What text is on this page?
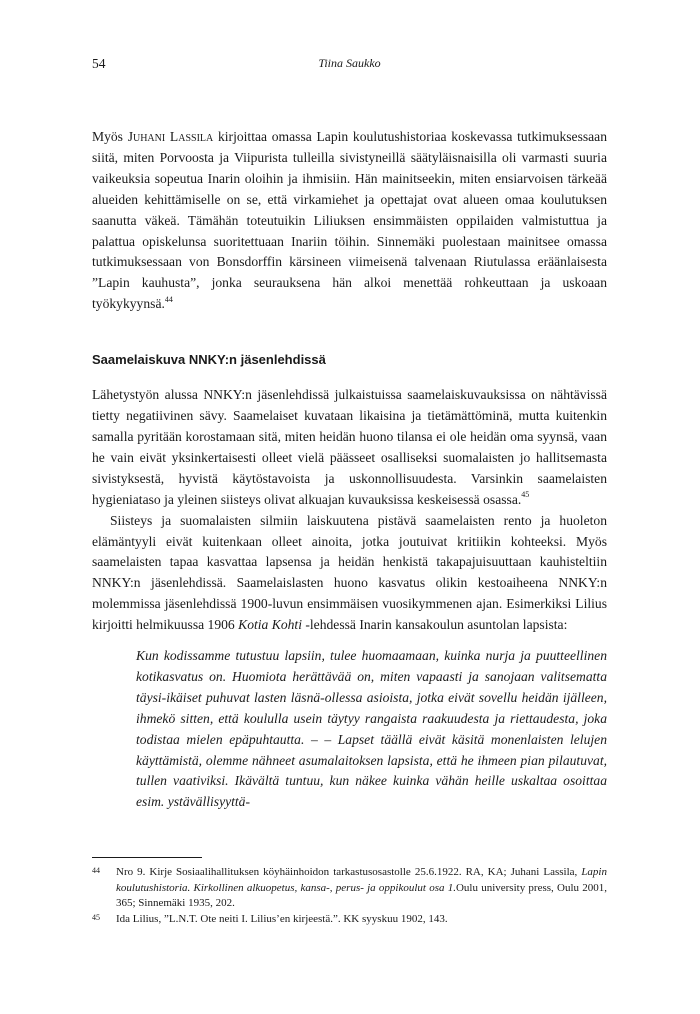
54	Tiina Saukko

Myös Juhani Lassila kirjoittaa omassa Lapin koulutushistoriaa koskevassa tutkimuksessaan siitä, miten Porvoosta ja Viipurista tulleilla sivistyneillä säätyläisnaisilla oli varmasti suuria vaikeuksia sopeutua Inarin oloihin ja ihmisiin. Hän mainitseekin, miten ensiarvoisen tärkeää alueiden kehittämiselle on se, että virkamiehet ja opettajat ovat alueen omaa koulutuksen saanutta väkeä. Tämähän toteutuikin Liliuksen ensimmäisten oppilaiden valmistuttua ja palattua opiskelunsa suoritettuaan Inariin töihin. Sinnemäki puolestaan mainitsee omassa tutkimuksessaan von Bonsdorffin kärsineen viimeisenä talvenaan Riutulassa eräänlaisesta ”Lapin kauhusta”, jonka seurauksena hän alkoi menettää rohkeuttaan ja uskoaan työkykyynsä.$^{44}$

Saamelaiskuva NNKY:n jäsenlehdissä

Lähetystyön alussa NNKY:n jäsenlehdissä julkaistuissa saamelaiskuvauksissa on nähtävissä tietty negatiivinen sävy. Saamelaiset kuvataan likaisina ja tietämättöminä, mutta kuitenkin samalla pyritään korostamaan sitä, miten heidän huono tilansa ei ole heidän oma syynsä, vaan he vain eivät yksinkertaisesti olleet vielä päässeet osalliseksi suomalaisten jo hallitsemasta sivistyksestä, hyvistä käytöstavoista ja uskonnollisuudesta. Varsinkin saamelaisten hygieniataso ja yleinen siisteys olivat alkuajan kuvauksissa keskeisessä osassa.$^{45}$

Siisteys ja suomalaisten silmiin laiskuutena pistävä saamelaisten rento ja huoleton elämäntyyli eivät kuitenkaan olleet ainoita, jotka joutuivat kritiikin kohteeksi. Myös saamelaisten tapaa kasvattaa lapsensa ja heidän henkistä takapajuisuuttaan kauhisteltiin NNKY:n jäsenlehdissä. Saamelaislasten huono kasvatus olikin kestoaiheena NNKY:n molemmissa jäsenlehdissä 1900-luvun ensimmäisen vuosikymmenen ajan. Esimerkiksi Lilius kirjoitti helmikuussa 1906 Kotia Kohti -lehdessä Inarin kansakoulun asuntolan lapsista:

Kun kodissamme tutustuu lapsiin, tulee huomaamaan, kuinka nurja ja puutteellinen kotikasvatus on. Huomiota herättävää on, miten vapaasti ja sanojaan valitsematta täysi-ikäiset puhuvat lasten läsnä-ollessa asioista, jotka eivät sovellu heidän ijälleen, ihmekö sitten, että koululla usein täytyy rangaista raakuudesta ja riettaudesta, joka todistaa mielen epäpuhtautta. – – Lapset täällä eivät käsitä monenlaisten lelujen käyttämistä, olemme nähneet asumalaitoksen lapsista, että he ihmeen pian pilautuvat, tullen vaativiksi. Ikävältä tuntuu, kun näkee kuinka vähän heille uskaltaa osoittaa esim. ystävällisyyttä-
44	Nro 9. Kirje Sosiaalihallituksen köyhäinhoidon tarkastusosastolle 25.6.1922. RA, KA; Juhani Lassila, Lapin koulutushistoria. Kirkollinen alkuopetus, kansa-, perus- ja oppikoulut osa 1.Oulu university press, Oulu 2001, 365; Sinnemäki 1935, 202.
45	Ida Lilius, ”L.N.T. Ote neiti I. Lilius’en kirjeestä.”. KK syyskuu 1902, 143.
